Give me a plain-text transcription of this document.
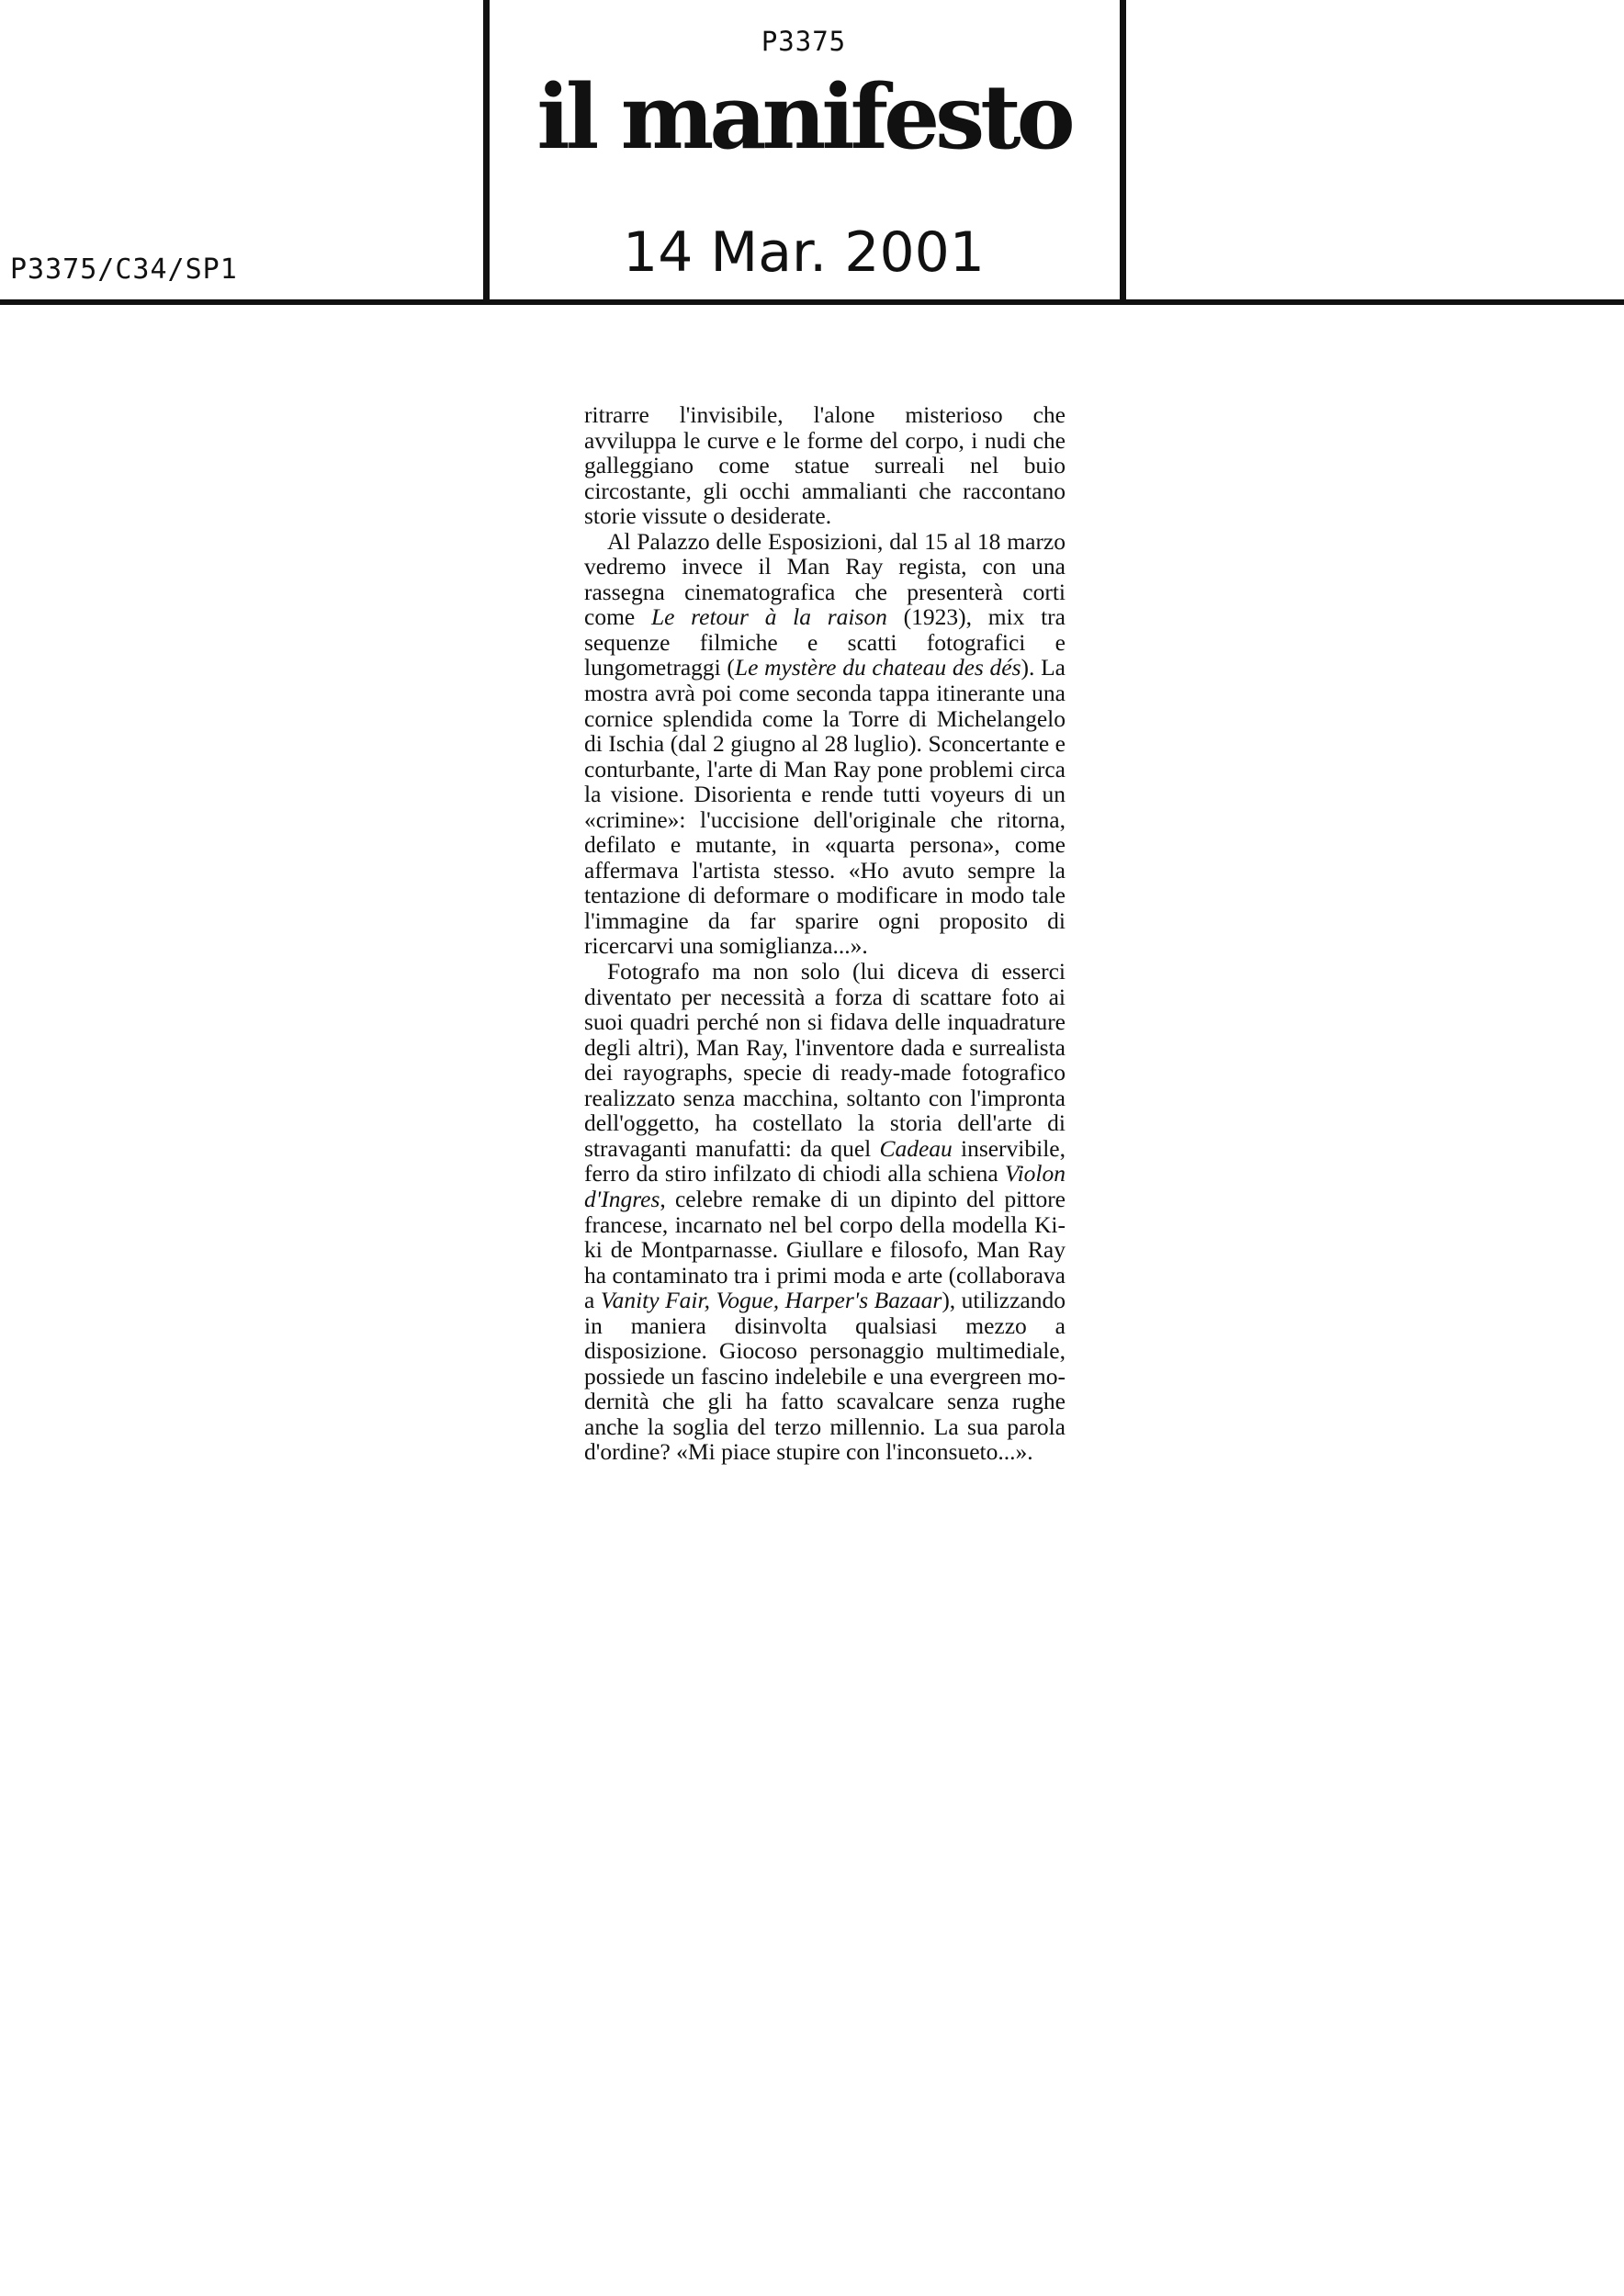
P3375
il manifesto
P3375/C34/SP1	14 Mar. 2001

ritrarre l'invisibile, l'alone misterioso che avviluppa le curve e le forme del corpo, i nudi che galleggiano come statue surreali nel buio circostante, gli occhi ammalianti che raccontano storie vissute o desiderate.

Al Palazzo delle Esposizioni, dal 15 al 18 marzo vedremo invece il Man Ray regista, con una rassegna cinematografica che presenterà corti come Le retour à la raison (1923), mix tra sequenze filmiche e scatti fotografici e lungometraggi (Le mystère du chateau des dés). La mostra avrà poi come seconda tappa itinerante una cornice splendida come la Torre di Michelangelo di Ischia (dal 2 giugno al 28 luglio). Sconcertante e conturbante, l'arte di Man Ray pone problemi circa la visione. Disorienta e rende tutti voyeurs di un «crimine»: l'uccisione dell'originale che ritorna, defilato e mutante, in «quarta persona», come affermava l'artista stesso. «Ho avuto sempre la tentazione di deformare o modificare in modo tale l'immagine da far sparire ogni proposito di ricercarvi una somiglianza...».

Fotografo ma non solo (lui diceva di esserci diventato per necessità a forza di scattare foto ai suoi quadri perché non si fidava delle inquadrature degli altri), Man Ray, l'inventore dada e surrealista dei rayographs, specie di ready-made fotografico realizzato senza macchina, soltanto con l'impronta dell'oggetto, ha costellato la storia dell'arte di stravaganti manufatti: da quel Cadeau inservibile, ferro da stiro infilzato di chiodi alla schiena Violon d'Ingres, celebre remake di un dipinto del pittore francese, incarnato nel bel corpo della modella Kiki de Montparnasse. Giullare e filosofo, Man Ray ha contaminato tra i primi moda e arte (collaborava a Vanity Fair, Vogue, Harper's Bazaar), utilizzando in maniera disinvolta qualsiasi mezzo a disposizione. Giocoso personaggio multimediale, possiede un fascino indelebile e una evergreen modernità che gli ha fatto scavalcare senza rughe anche la soglia del terzo millennio. La sua parola d'ordine? «Mi piace stupire con l'inconsueto...».
